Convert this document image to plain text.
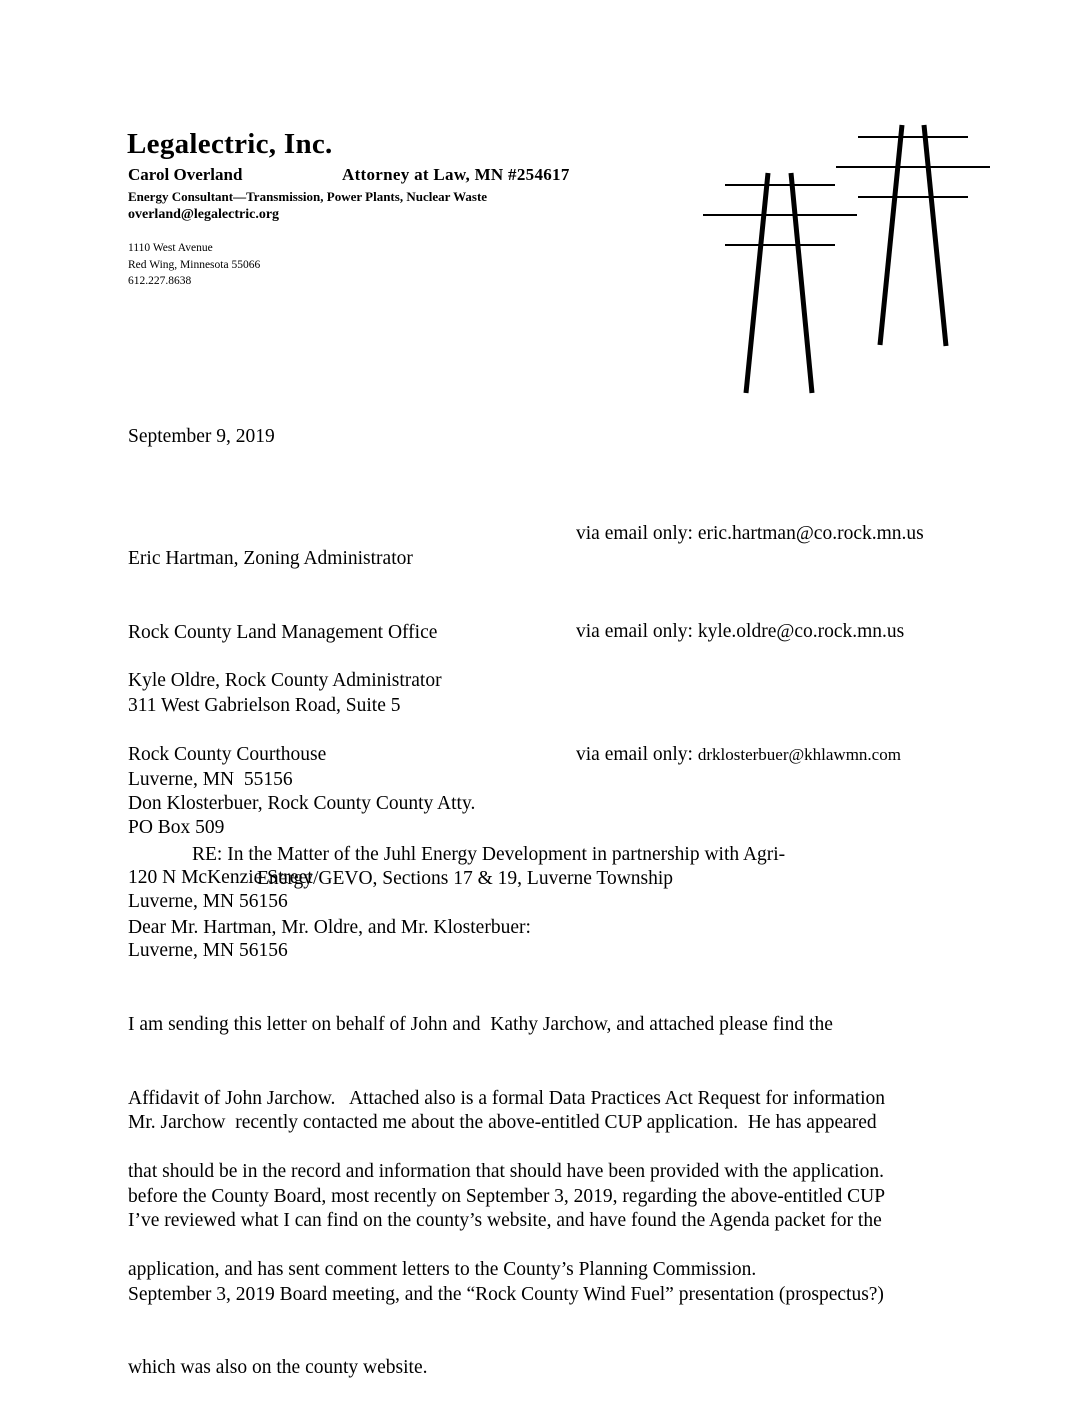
Legalectric, Inc.
Carol Overland	Attorney at Law, MN #254617
Energy Consultant—Transmission, Power Plants, Nuclear Waste
overland@legalectric.org
1110 West Avenue
Red Wing, Minnesota 55066
612.227.8638
September 9, 2019

Eric Hartman, Zoning Administrator

Rock County Land Management Office

311 West Gabrielson Road, Suite 5

Luverne, MN  55156

via email only: eric.hartman@co.rock.mn.us

Kyle Oldre, Rock County Administrator

Rock County Courthouse

PO Box 509

Luverne, MN 56156

via email only: kyle.oldre@co.rock.mn.us

Don Klosterbuer, Rock County County Atty.

120 N McKenzie Street

Luverne, MN 56156

via email only: drklosterbuer@khlawmn.com
RE: In the Matter of the Juhl Energy Development in partnership with Agri-
Energy/GEVO, Sections 17 & 19, Luverne Township
Dear Mr. Hartman, Mr. Oldre, and Mr. Klosterbuer:

I am sending this letter on behalf of John and  Kathy Jarchow, and attached please find the

Affidavit of John Jarchow.   Attached also is a formal Data Practices Act Request for information

that should be in the record and information that should have been provided with the application.

Mr. Jarchow  recently contacted me about the above-entitled CUP application.  He has appeared

before the County Board, most recently on September 3, 2019, regarding the above-entitled CUP

application, and has sent comment letters to the County’s Planning Commission.

I’ve reviewed what I can find on the county’s website, and have found the Agenda packet for the

September 3, 2019 Board meeting, and the “Rock County Wind Fuel” presentation (prospectus?)

which was also on the county website.
